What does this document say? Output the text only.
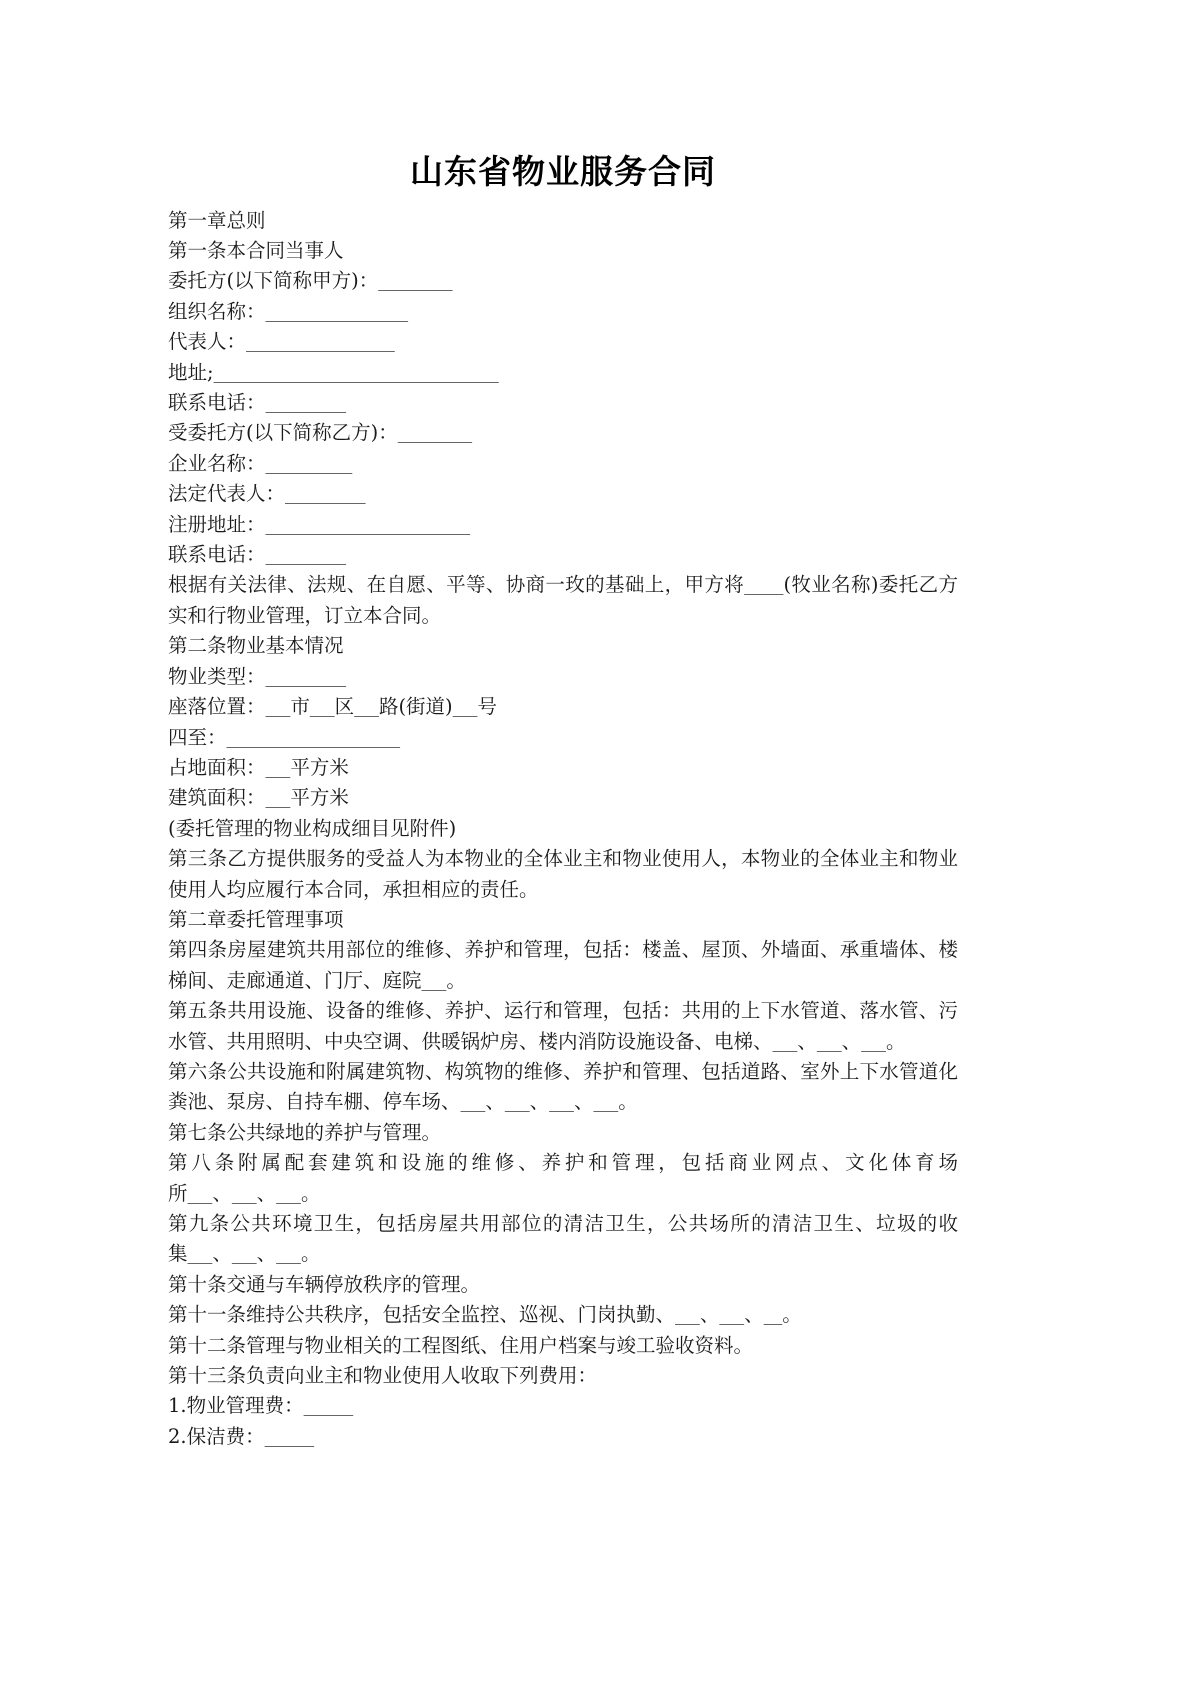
山东省物业服务合同
第一章总则
第一条本合同当事人
委托方(以下简称甲方)：
组织名称：
代表人：
地址;
联系电话：
受委托方(以下简称乙方)：
企业名称：
法定代表人：
注册地址：
联系电话：
根据有关法律、法规、在自愿、平等、协商一玫的基础上，甲方将 (牧业名称)委托乙方实和行物业管理，订立本合同。
第二条物业基本情况
物业类型：
座落位置： 市 区 路(街道) 号
四至：
占地面积： 平方米
建筑面积： 平方米
(委托管理的物业构成细目见附件)
第三条乙方提供服务的受益人为本物业的全体业主和物业使用人，本物业的全体业主和物业使用人均应履行本合同，承担相应的责任。
第二章委托管理事项
第四条房屋建筑共用部位的维修、养护和管理，包括：楼盖、屋顶、外墙面、承重墙体、楼梯间、走廊通道、门厅、庭院 。
第五条共用设施、设备的维修、养护、运行和管理，包括：共用的上下水管道、落水管、污水管、共用照明、中央空调、供暖锅炉房、楼内消防设施设备、电梯、 、 、 。
第六条公共设施和附属建筑物、构筑物的维修、养护和管理、包括道路、室外上下水管道化粪池、泵房、自持车棚、停车场、 、 、 、 。
第七条公共绿地的养护与管理。
第八条附属配套建筑和设施的维修、养护和管理，包括商业网点、文化体育场所 、 、 。
第九条公共环境卫生，包括房屋共用部位的清洁卫生，公共场所的清洁卫生、垃圾的收集 、 、 。
第十条交通与车辆停放秩序的管理。
第十一条维持公共秩序，包括安全监控、巡视、门岗执勤、 、 、 。
第十二条管理与物业相关的工程图纸、住用户档案与竣工验收资料。
第十三条负责向业主和物业使用人收取下列费用：
1.物业管理费：
2.保洁费：
